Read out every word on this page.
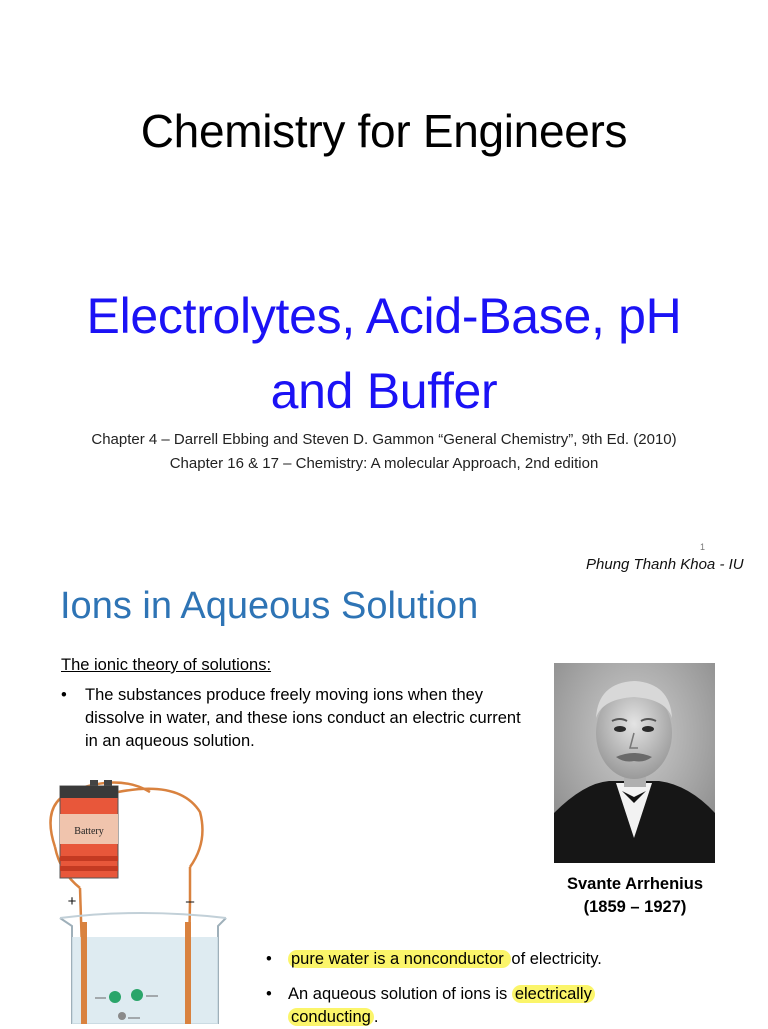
Chemistry for Engineers
Electrolytes, Acid-Base, pH
and Buffer
Chapter 4 – Darrell Ebbing and Steven D. Gammon “General Chemistry”, 9th Ed. (2010)
Chapter 16 & 17 – Chemistry: A molecular Approach, 2nd edition
1
Phung Thanh Khoa - IU
Ions in Aqueous Solution
The ionic theory of solutions:
• The substances produce freely moving ions when they dissolve in water, and these ions conduct an electric current in an aqueous solution.
Svante Arrhenius
(1859 – 1927)
Battery
+	–
• pure water is a nonconductor of electricity.
• An aqueous solution of ions is electrically
conducting .
